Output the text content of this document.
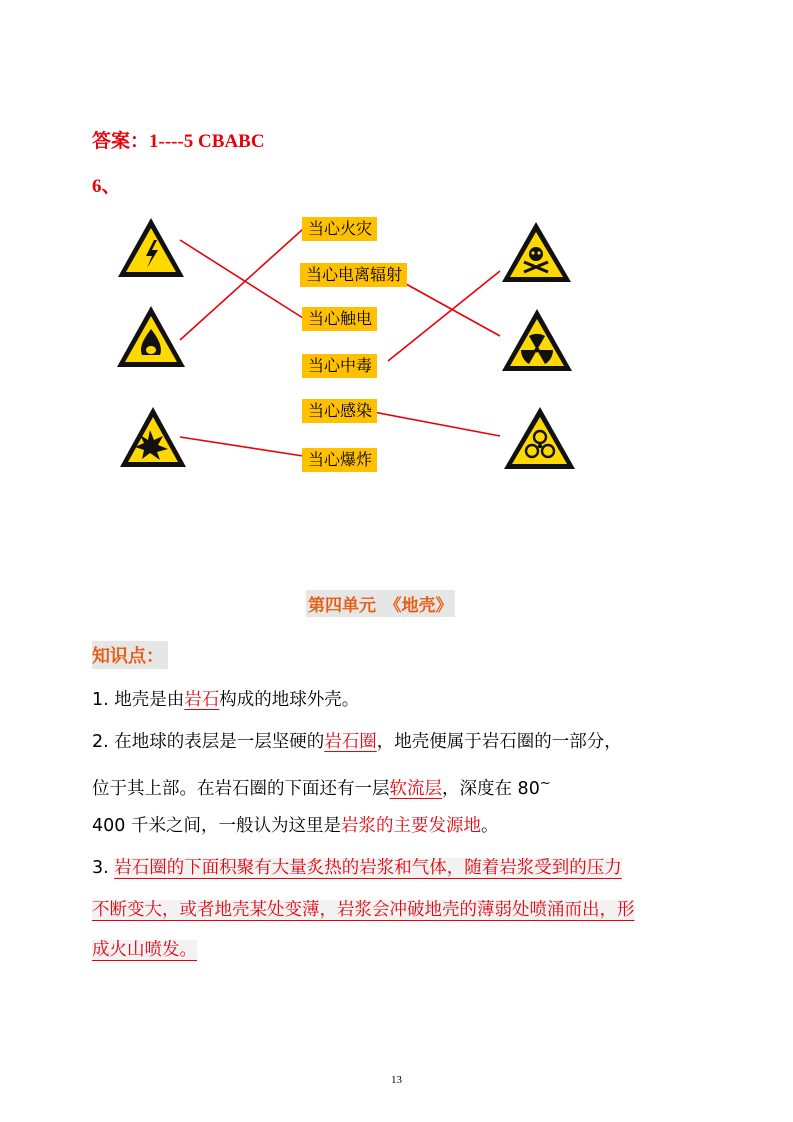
答案：1----5 CBABC
6、
当心火灾
当心电离辐射
当心触电
当心中毒
当心感染
当心爆炸
第四单元　《地壳》
知识点：
1. 地壳是由岩石构成的地球外壳。
2. 在地球的表层是一层坚硬的岩石圈，地壳便属于岩石圈的一部分，
位于其上部。在岩石圈的下面还有一层软流层，深度在 80~
400 千米之间，一般认为这里是岩浆的主要发源地。
3. 岩石圈的下面积聚有大量炙热的岩浆和气体，随着岩浆受到的压力
不断变大，或者地壳某处变薄，岩浆会冲破地壳的薄弱处喷涌而出，形
成火山喷发。
13
